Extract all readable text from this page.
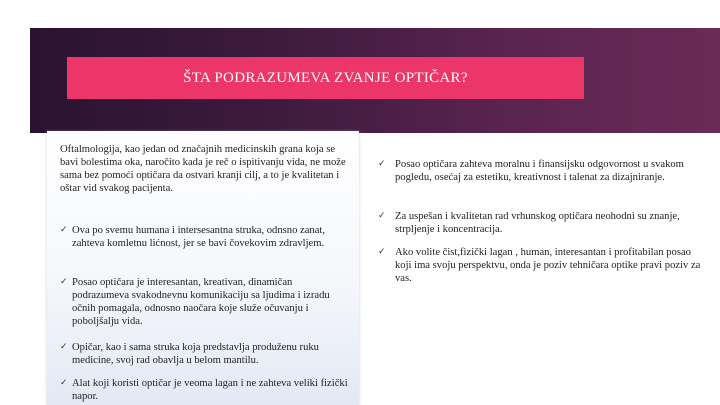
ŠTA PODRAZUMEVA ZVANJE OPTIČAR?
Oftalmologija, kao jedan od značajnih medicinskih grana koja se bavi bolestima oka, naročito kada je reč o ispitivanju vida, ne može sama bez pomoći optičara da ostvari kranji cilj, a to je kvalitetan i oštar vid svakog pacijenta.
✓ Ova po svemu humana i intersesantna struka, odnsno zanat, zahteva komletnu lićnost, jer se bavi čovekovim zdravljem.
✓ Posao optičara je interesantan, kreativan, dinamičan podrazumeva svakodnevnu komunikaciju sa ljudima i izradu očnih pomagala, odnosno naočara koje služe očuvanju i poboljšalju vida.
✓ Opičar, kao i sama struka koja predstavlja produženu ruku medicine, svoj rad obavlja u belom mantilu.
✓ Alat koji koristi optičar je veoma lagan i ne zahteva veliki fizički napor.
✓ Posao optičara zahteva moralnu i finansijsku odgovornost u svakom pogledu, osećaj za estetiku, kreativnost i talenat za dizajniranje.
✓ Za uspešan i kvalitetan rad vrhunskog optičara neohodni su znanje, strpljenje i koncentracija.
✓ Ako volite čist,fizički lagan , human, interesantan i profitabilan posao koji ima svoju perspektvu, onda je poziv tehničara optike pravi poziv za vas.
